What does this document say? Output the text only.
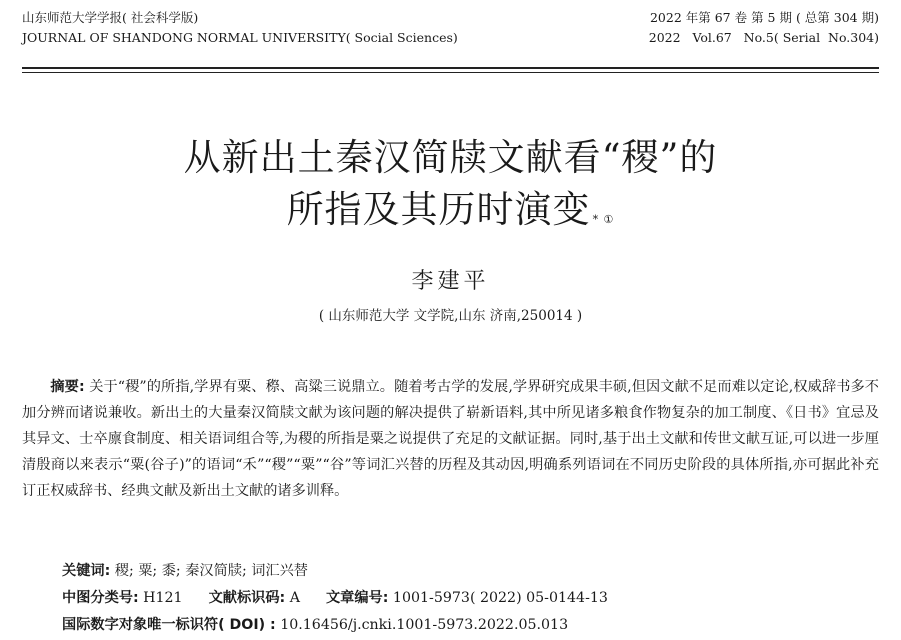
山东师范大学学报( 社会科学版)	2022 年第 67 卷 第 5 期 ( 总第 304 期)
JOURNAL OF SHANDONG NORMAL UNIVERSITY( Social Sciences)	2022   Vol.67   No.5( Serial  No.304)
从新出土秦汉简牍文献看“稷”的
所指及其历时演变 * ①
李建平
( 山东师范大学 文学院,山东 济南,250014 )
摘要: 关于“稷”的所指,学界有粟、穄、高粱三说鼎立。随着考古学的发展,学界研究成果丰硕,但因文献不足而难以定论,权威辞书多不加分辨而诸说兼收。新出土的大量秦汉简牍文献为该问题的解决提供了崭新语料,其中所见诸多粮食作物复杂的加工制度、《日书》宜忌及其异文、士卒廪食制度、相关语词组合等,为稷的所指是粟之说提供了充足的文献证据。同时,基于出土文献和传世文献互证,可以进一步厘清殷商以来表示“粟(谷子)”的语词“禾”“稷”“粟”“谷”等词汇兴替的历程及其动因,明确系列语词在不同历史阶段的具体所指,亦可据此补充订正权威辞书、经典文献及新出土文献的诸多训释。
关键词: 稷; 粟; 黍; 秦汉简牍; 词汇兴替
中图分类号: H121 文献标识码: A 文章编号: 1001-5973( 2022) 05-0144-13
国际数字对象唯一标识符( DOI) : 10.16456/j.cnki.1001-5973.2022.05.013
